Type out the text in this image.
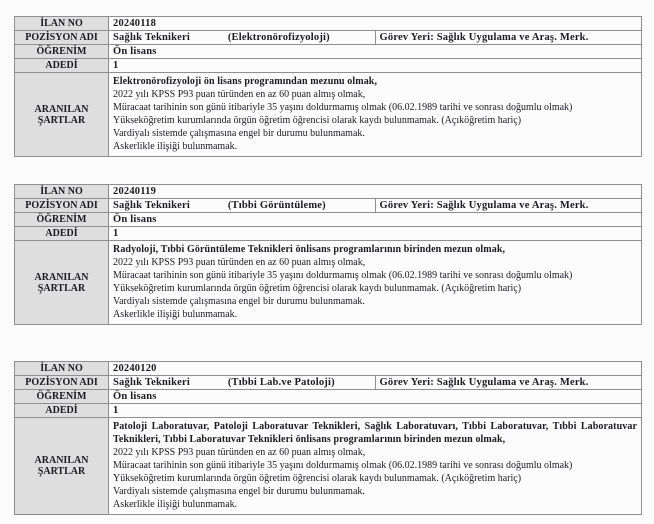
İLAN NO	20240118	
POZİSYON ADI	Sağlık Teknikeri (Elektronörofizyoloji)	Görev Yeri: Sağlık Uygulama ve Araş. Merk.
ÖĞRENİM	Ön lisans	
ADEDİ	1	

ARANILAN
ŞARTLAR

Elektronörofizyoloji ön lisans programından mezunu olmak,
2022 yılı KPSS P93 puan türünden en az 60 puan almış olmak,
Müracaat tarihinin son günü itibariyle 35 yaşını doldurmamış olmak (06.02.1989 tarihi ve sonrası doğumlu olmak)
Yükseköğretim kurumlarında örgün öğretim öğrencisi olarak kaydı bulunmamak. (Açıköğretim hariç)
Vardiyalı sistemde çalışmasına engel bir durumu bulunmamak.
Askerlikle ilişiği bulunmamak.
İLAN NO	20240119	
POZİSYON ADI	Sağlık Teknikeri (Tıbbi Görüntüleme)	Görev Yeri: Sağlık Uygulama ve Araş. Merk.
ÖĞRENİM	Ön lisans	
ADEDİ	1	

ARANILAN
ŞARTLAR

Radyoloji, Tıbbi Görüntüleme Teknikleri önlisans programlarının birinden mezun olmak,
2022 yılı KPSS P93 puan türünden en az 60 puan almış olmak,
Müracaat tarihinin son günü itibariyle 35 yaşını doldurmamış olmak (06.02.1989 tarihi ve sonrası doğumlu olmak)
Yükseköğretim kurumlarında örgün öğretim öğrencisi olarak kaydı bulunmamak. (Açıköğretim hariç)
Vardiyalı sistemde çalışmasına engel bir durumu bulunmamak.
Askerlikle ilişiği bulunmamak.
İLAN NO	20240120	
POZİSYON ADI	Sağlık Teknikeri (Tıbbi Lab.ve Patoloji)	Görev Yeri: Sağlık Uygulama ve Araş. Merk.
ÖĞRENİM	Ön lisans	
ADEDİ	1	

ARANILAN
ŞARTLAR

Patoloji Laboratuvar, Patoloji Laboratuvar Teknikleri, Sağlık Laboratuvarı, Tıbbi Laboratuvar, Tıbbi Laboratuvar Teknikleri, Tıbbi Laboratuvar Teknikleri önlisans programlarının birinden mezun olmak,
2022 yılı KPSS P93 puan türünden en az 60 puan almış olmak,
Müracaat tarihinin son günü itibariyle 35 yaşını doldurmamış olmak (06.02.1989 tarihi ve sonrası doğumlu olmak)
Yükseköğretim kurumlarında örgün öğretim öğrencisi olarak kaydı bulunmamak. (Açıköğretim hariç)
Vardiyalı sistemde çalışmasına engel bir durumu bulunmamak.
Askerlikle ilişiği bulunmamak.
